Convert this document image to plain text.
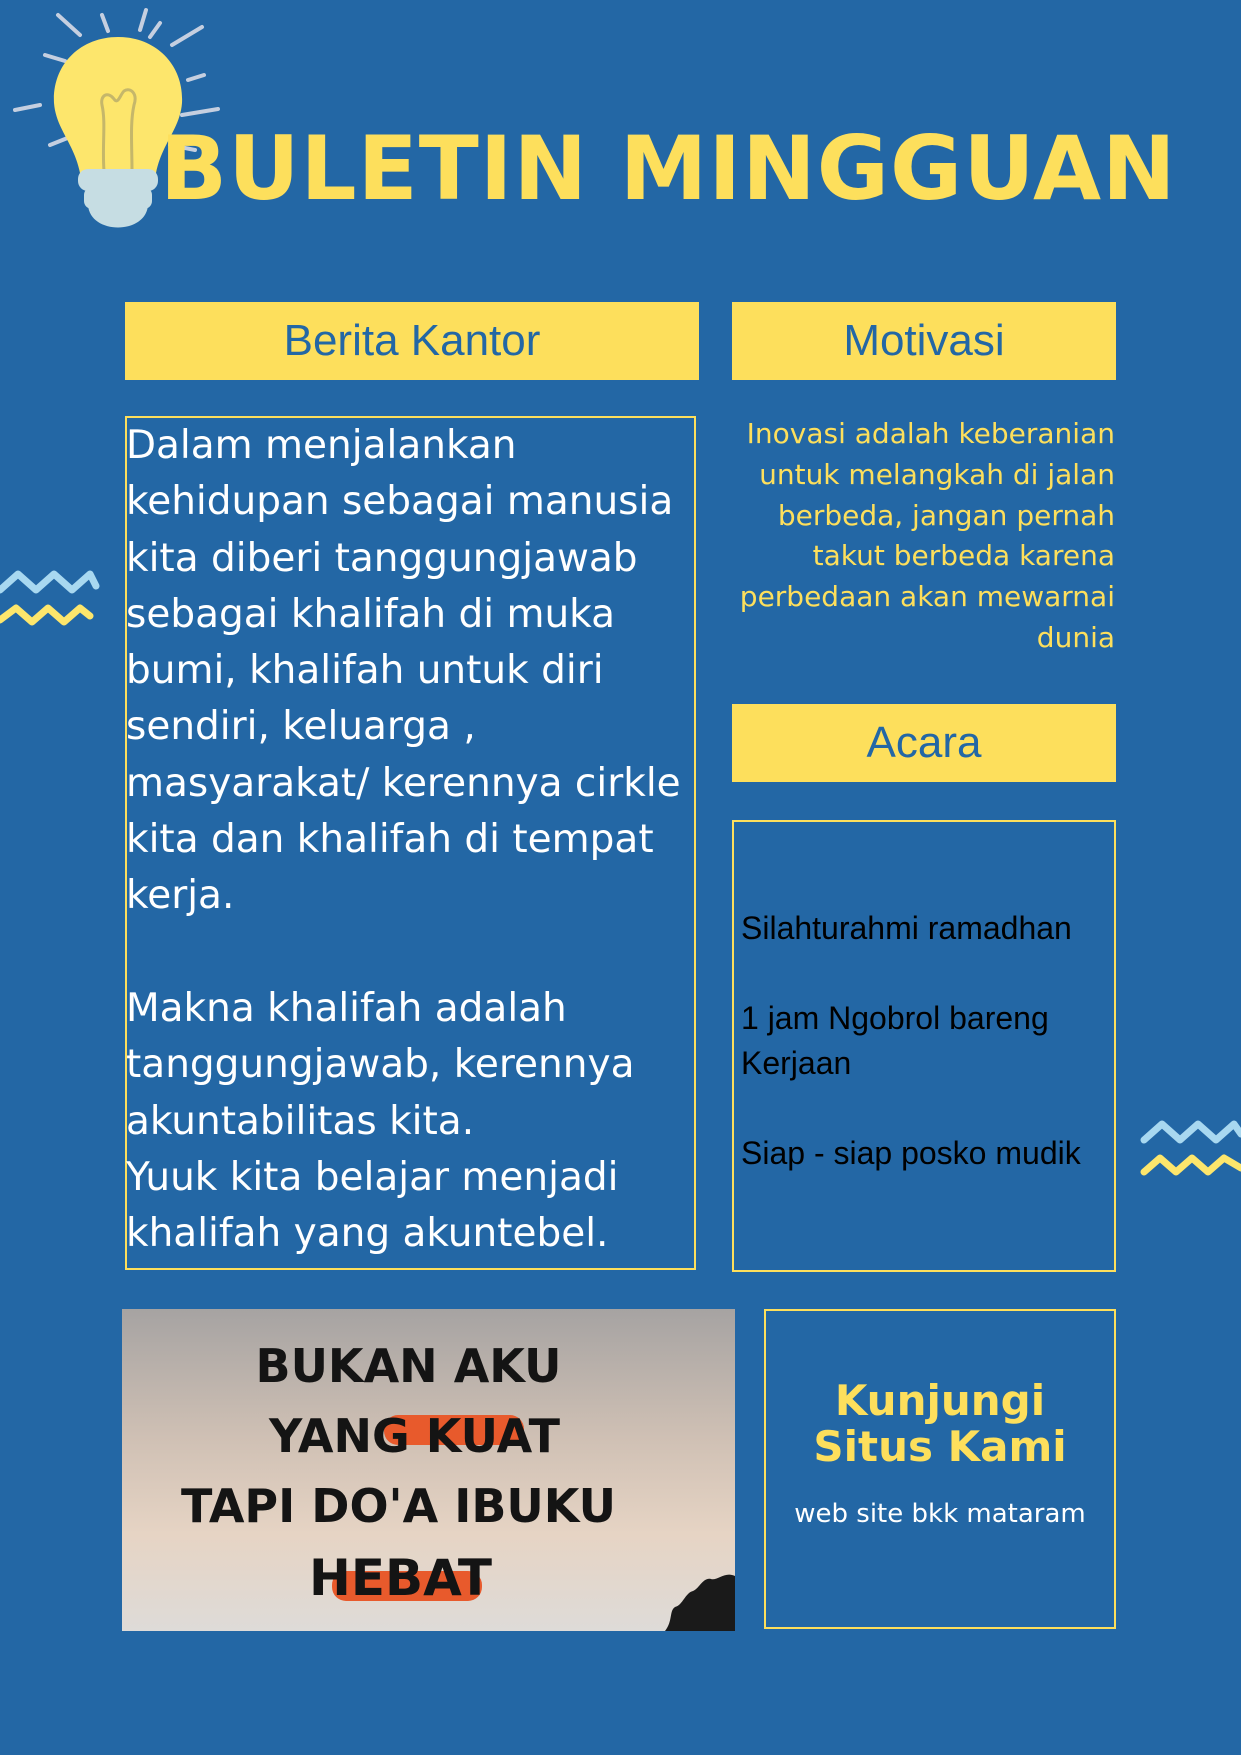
BULETIN MINGGUAN
Berita Kantor
Dalam menjalankan kehidupan sebagai manusia kita diberi tanggungjawab sebagai khalifah di muka bumi, khalifah untuk diri sendiri, keluarga , masyarakat/ kerennya cirkle kita dan khalifah di tempat kerja.

Makna khalifah adalah tanggungjawab, kerennya akuntabilitas kita.
Yuuk kita belajar menjadi khalifah yang akuntebel.
Motivasi
Inovasi adalah keberanian untuk melangkah di jalan berbeda, jangan pernah takut berbeda karena perbedaan akan mewarnai dunia
Acara
Silahturahmi ramadhan
1 jam Ngobrol bareng Kerjaan
Siap - siap posko mudik
BUKAN AKU
YANG KUAT
TAPI DO'A IBUKU
HEBAT
Kunjungi
Situs Kami
web site bkk mataram
